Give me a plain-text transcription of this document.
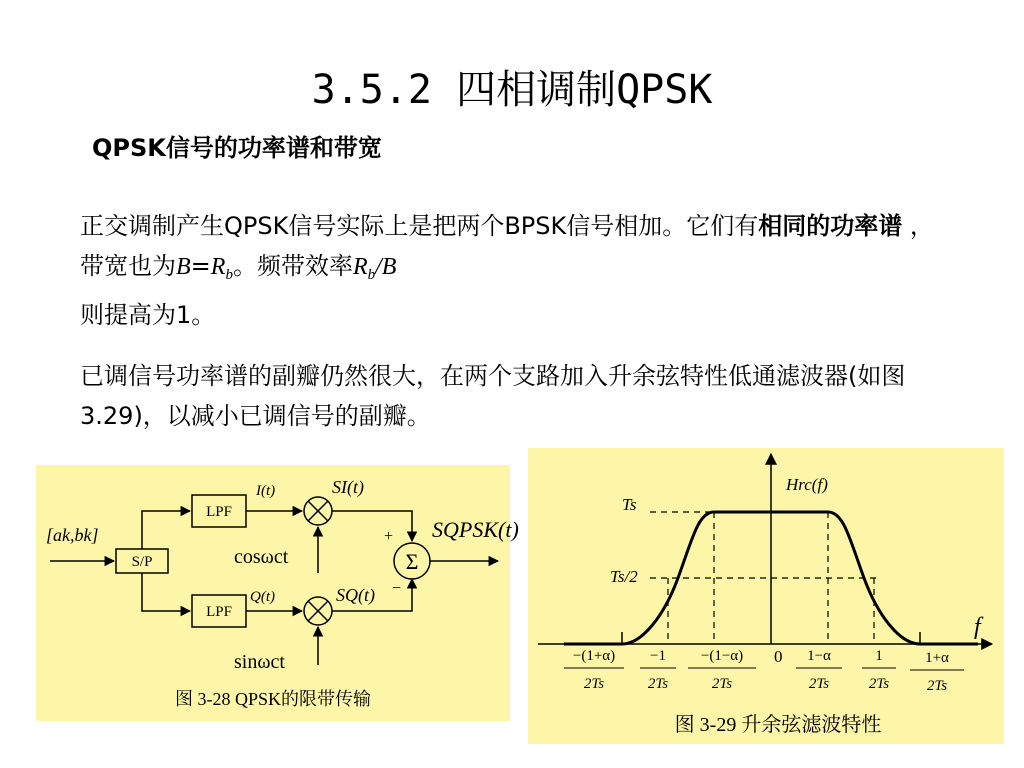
3.5.2 四相调制QPSK
QPSK信号的功率谱和带宽
正交调制产生QPSK信号实际上是把两个BPSK信号相加。它们有相同的功率谱 ，带宽也为$B=R_b$。频带效率$R_b/B$
则提高为1。
已调信号功率谱的副瓣仍然很大，在两个支路加入升余弦特性低通滤波器(如图3.29)，以减小已调信号的副瓣。
[ak,bk]
S/P
LPF
LPF
I(t)
Q(t)
SI(t)
SQ(t)
cosωct
sinωct
+
−
Σ
SQPSK(t)
图 3-28 QPSK的限带传输
Hrc(f)
Ts
Ts/2
f
0
−(1+α)
2Ts
−1
2Ts
−(1−α)
2Ts
1−α
2Ts
1
2Ts
1+α
2Ts
图 3-29 升余弦滤波特性
